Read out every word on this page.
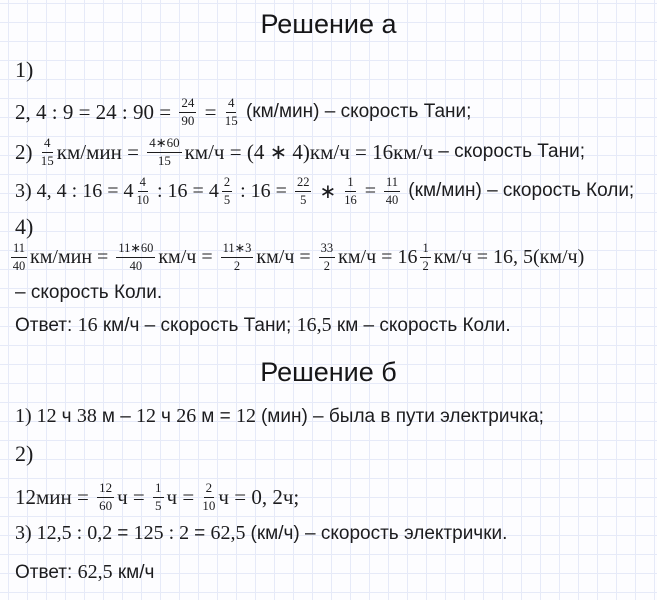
Решение а
1)
2, 4 : 9 = 24 : $90 = \frac{24}{90} = \frac{4}{15} (км/мин)$ – скорость Тани;
$2) \frac{4}{15} км/мин = \frac{4∗60}{15} км/ч = (4$ ∗ 4)км/ч = 16км/ч – скорость Тани;
3) 4, 4 : $16 = 4 \frac{4}{10}$ : $16 = 4 \frac{2}{5}$ : $16 = \frac{22}{5}$ ∗ $\frac{1}{16} = \frac{11}{40} (км/мин)$ – скорость Коли;
4)
$\frac{11}{40} км/мин = \frac{11∗60}{40} км/ч = \frac{11∗3}{2} км/ч = \frac{33}{2} км/ч = 16 \frac{1}{2} км/ч = 16$, 5(км/ч)
– скорость Коли.
Ответ: 16 км/ч – скорость Тани; 16,5 км – скорость Коли.
Решение б
1) 12 ч 38 м – 12 ч 26 м = 12 (мин) – была в пути электричка;
2)
$12мин = \frac{12}{60}$ $ч = \frac{1}{5}$ $ч = \frac{2}{10}$ ч = 0, 2ч;
3) 12,5 : 0,2 = 125 : 2 = 62,5 (км/ч) – скорость электрички.
Ответ: 62,5 км/ч
